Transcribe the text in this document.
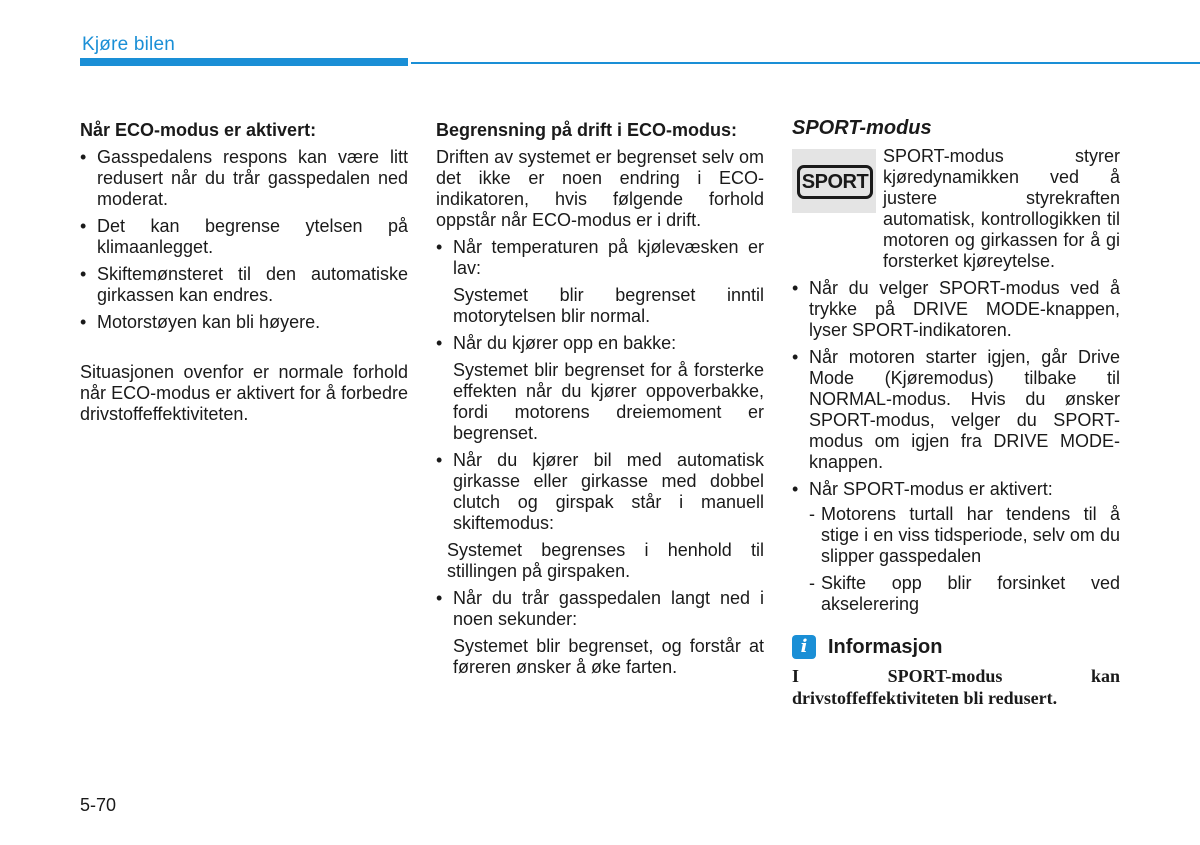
Kjøre bilen
Når ECO-modus er aktivert:
• Gasspedalens respons kan være litt redusert når du trår gasspedalen ned moderat.
• Det kan begrense ytelsen på klimaanlegget.
• Skiftemønsteret til den automatiske girkassen kan endres.
• Motorstøyen kan bli høyere.

Situasjonen ovenfor er normale forhold når ECO-modus er aktivert for å forbedre drivstoffeffektiviteten.

Begrensning på drift i ECO-modus:

Driften av systemet er begrenset selv om det ikke er noen endring i ECO-indikatoren, hvis følgende forhold oppstår når ECO-modus er i drift.

• Når temperaturen på kjølevæsken er lav:
Systemet blir begrenset inntil motorytelsen blir normal.
• Når du kjører opp en bakke:
Systemet blir begrenset for å forsterke effekten når du kjører oppoverbakke, fordi motorens dreiemoment er begrenset.
• Når du kjører bil med automatisk girkasse eller girkasse med dobbel clutch og girspak står i manuell skiftemodus:
Systemet begrenses i henhold til stillingen på girspaken.
• Når du trår gasspedalen langt ned i noen sekunder:
Systemet blir begrenset, og forstår at føreren ønsker å øke farten.
SPORT-modus
SPORT
SPORT-modus styrer kjøredynamikken ved å justere styrekraften automatisk, kontrollogikken til motoren og girkassen for å gi forsterket kjøreytelse.
• Når du velger SPORT-modus ved å trykke på DRIVE MODE-knappen, lyser SPORT-indikatoren.
• Når motoren starter igjen, går Drive Mode (Kjøremodus) tilbake til NORMAL-modus. Hvis du ønsker SPORT-modus, velger du SPORT-modus om igjen fra DRIVE MODE-knappen.
• Når SPORT-modus er aktivert:
- Motorens turtall har tendens til å stige i en viss tidsperiode, selv om du slipper gasspedalen
- Skifte opp blir forsinket ved akselerering
i	Informasjon
I SPORT-modus kan drivstoffeffektiviteten bli redusert.
5-70
